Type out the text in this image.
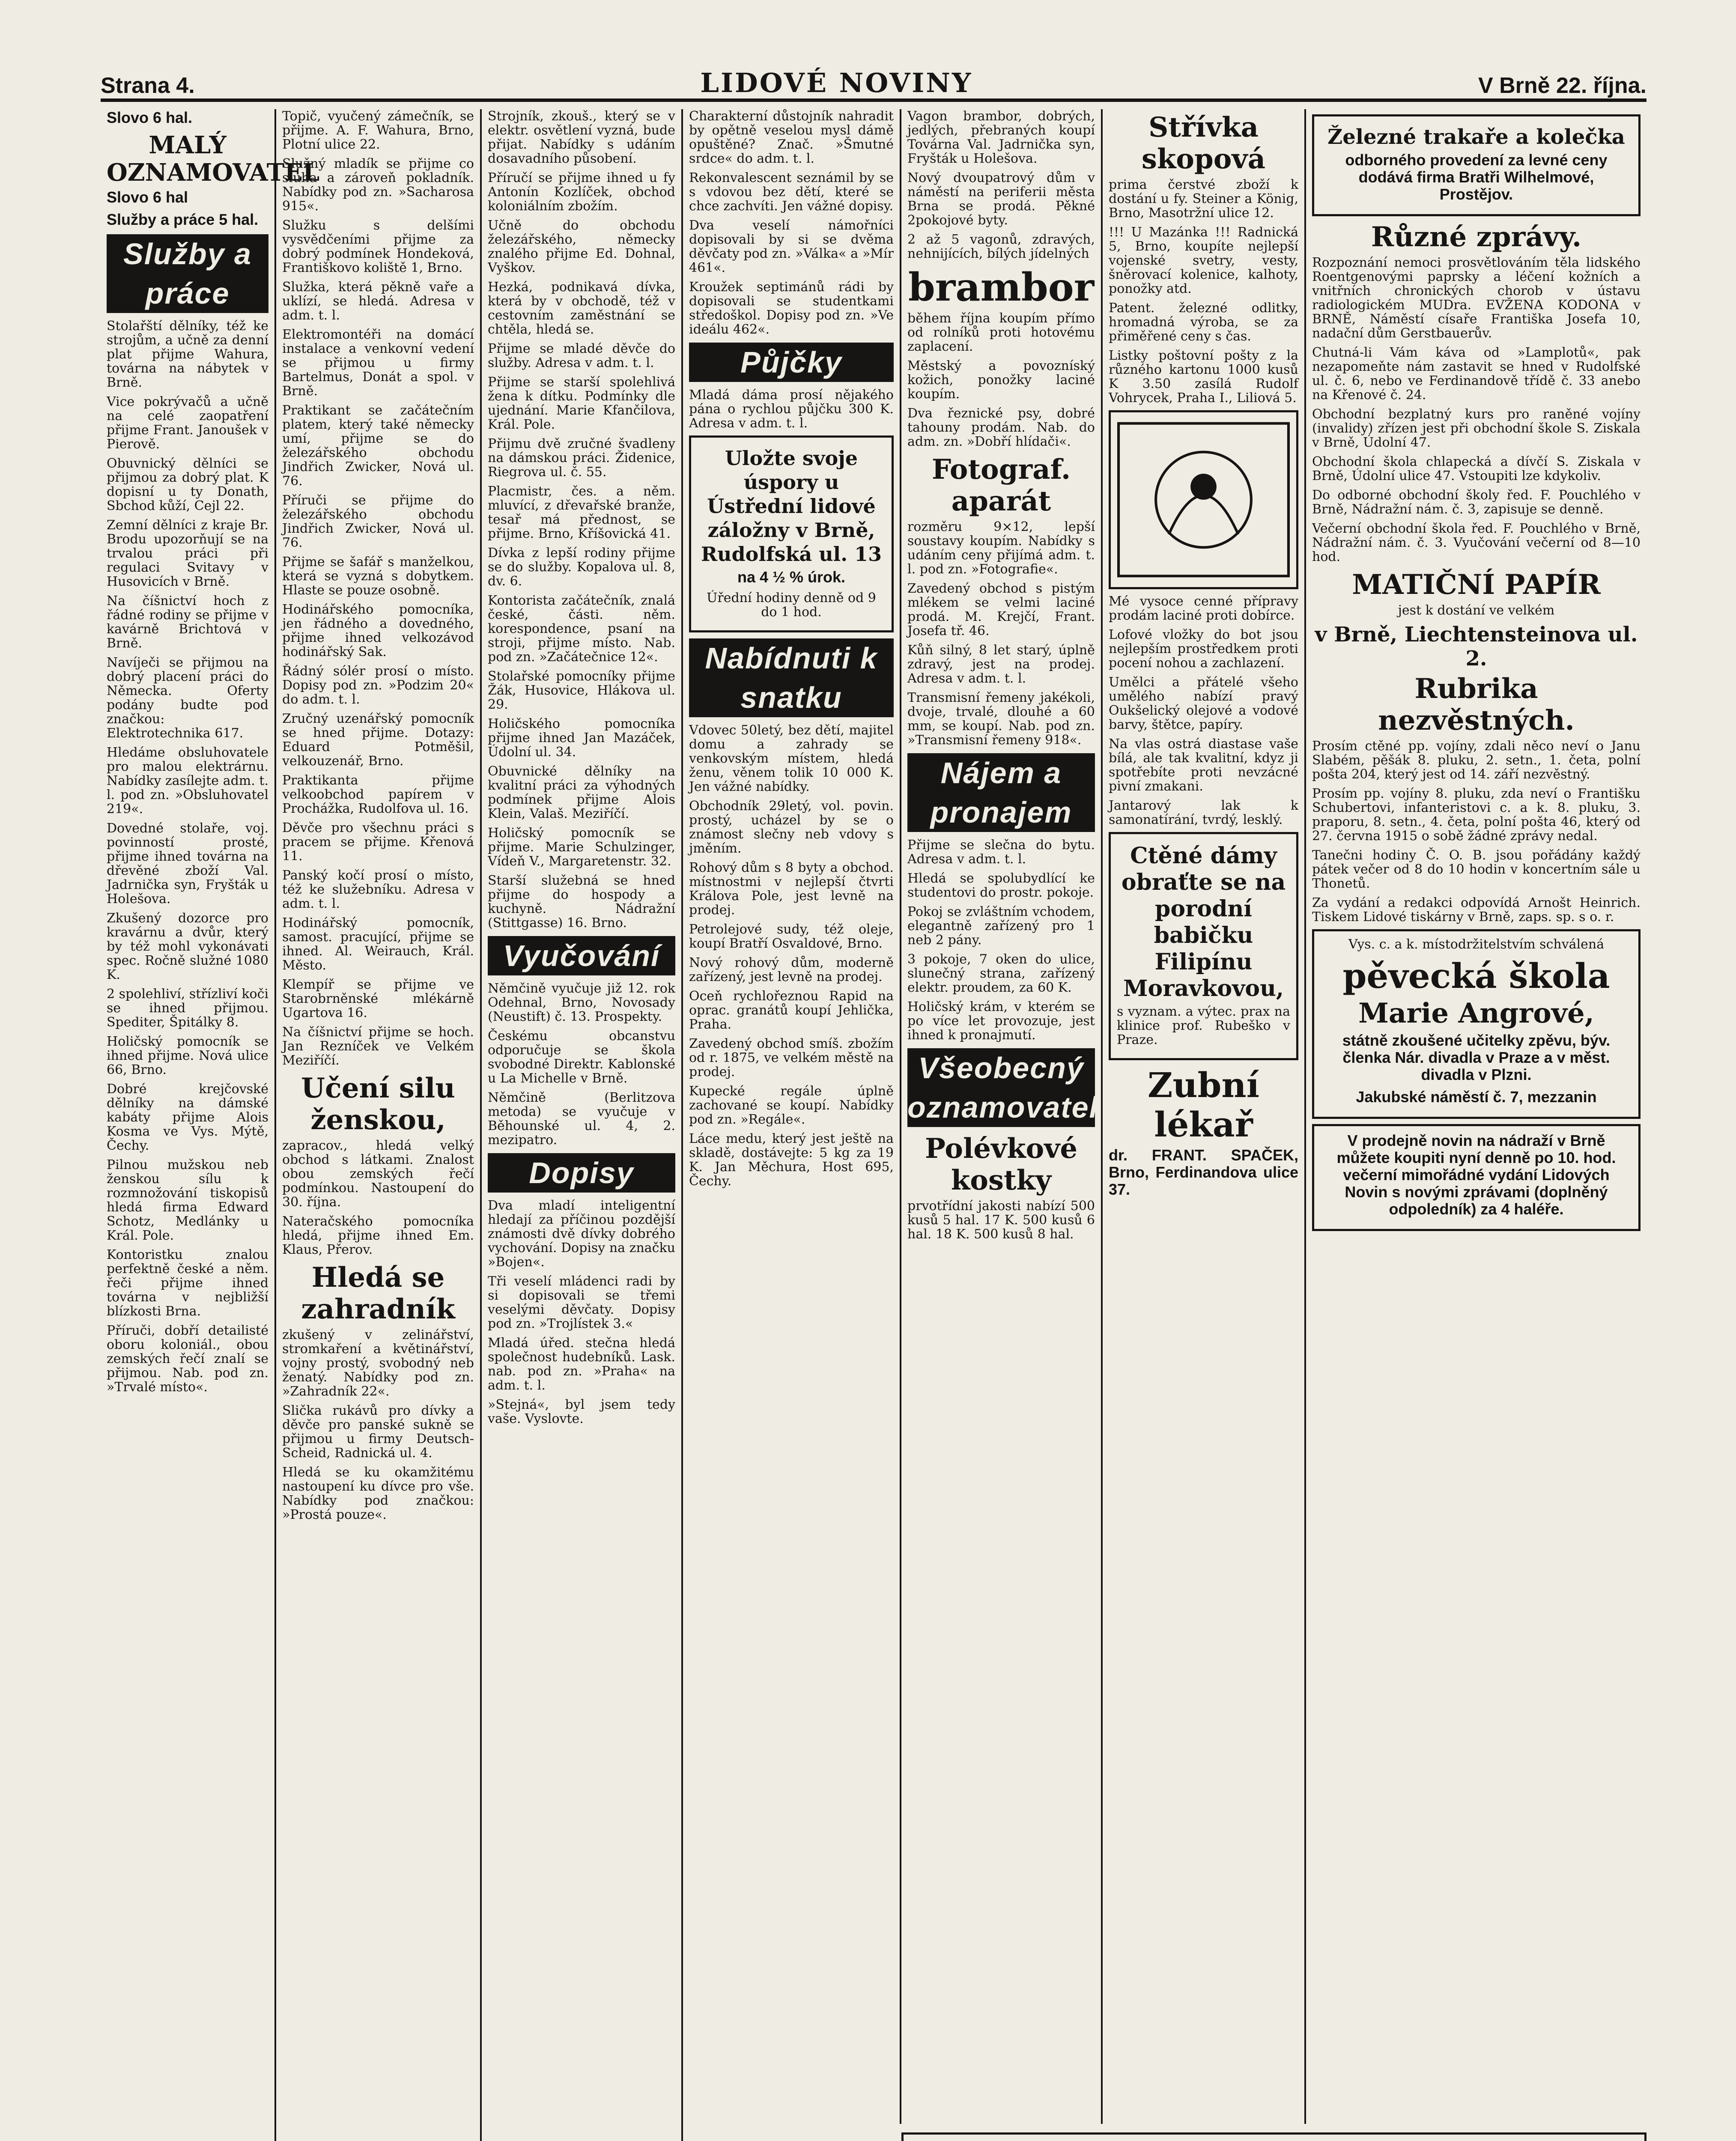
Strana 4.	LIDOVÉ NOVINY	V Brně 22. října.

Slovo 6 hal.

MALÝ OZNAMOVATEL

Slovo 6 hal

Služby a práce 5 hal.

Služby a práce

Stolařští dělníky, též ke strojům, a učně za denní plat přijme Wahura, továrna na nábytek v Brně.

Vice pokrývačů a učně na celé zaopatření přijme Frant. Janoušek v Pierově.

Obuvnický dělníci se přijmou za dobrý plat. K dopisní u ty Donath, Sbchod kůží, Cejl 22.

Zemní dělníci z kraje Br. Brodu upozorňují se na trvalou práci při regulaci Svitavy v Husovicích v Brně.

Na číšnictví hoch z řádné rodiny se přijme v kavárně Brichtová v Brně.

Navíječi se přijmou na dobrý placení práci do Německa. Oferty podány budte pod značkou: Elektrotechnika 617.

Hledáme obsluhovatele pro malou elektrárnu. Nabídky zasílejte adm. t. l. pod zn. »Obsluhovatel 219«.

Dovedné stolaře, voj. povinností prosté, přijme ihned továrna na dřevěné zboží Val. Jadrnička syn, Fryšták u Holešova.

Zkušený dozorce pro kravárnu a dvůr, který by též mohl vykonávati spec. Ročně služné 1080 K.

2 spolehliví, střízliví koči se ihned přijmou. Spediter, Špitálky 8.

Holičský pomocník se ihned přijme. Nová ulice 66, Brno.

Dobré krejčovské dělníky na dámské kabáty přijme Alois Kosma ve Vys. Mýtě, Čechy.

Pilnou mužskou neb ženskou sílu k rozmnožování tiskopisů hledá firma Edward Schotz, Medlánky u Král. Pole.

Kontoristku znalou perfektně české a něm. řeči přijme ihned továrna v nejbližší blízkosti Brna.

Příruči, dobří detailisté oboru koloniál., obou zemských řečí znalí se přijmou. Nab. pod zn. »Trvalé místo«.

Topič, vyučený zámečník, se přijme. A. F. Wahura, Brno, Plotní ulice 22.

Služný mladík se přijme co sluha a zároveň pokladník. Nabídky pod zn. »Sacharosa 915«.

Služku s delšími vysvědčeními přijme za dobrý podmínek Hondeková, Františkovo koliště 1, Brno.

Služka, která pěkně vaře a uklízí, se hledá. Adresa v adm. t. l.

Elektromontéři na domácí instalace a venkovní vedení se přijmou u firmy Bartelmus, Donát a spol. v Brně.

Praktikant se začátečním platem, který také německy umí, přijme se do železářského obchodu Jindřich Zwicker, Nová ul. 76.

Příruči se přijme do železářského obchodu Jindřich Zwicker, Nová ul. 76.

Přijme se šafář s manželkou, která se vyzná s dobytkem. Hlaste se pouze osobně.

Hodinářského pomocníka, jen řádného a dovedného, přijme ihned velkozávod hodinářský Sak.

Řádný sólér prosí o místo. Dopisy pod zn. »Podzim 20« do adm. t. l.

Zručný uzenářský pomocník se hned přijme. Dotazy: Eduard Potměšil, velkouzenář, Brno.

Praktikanta přijme velkoobchod papírem v Prochážka, Rudolfova ul. 16.

Děvče pro všechnu práci s pracem se přijme. Křenová 11.

Panský kočí prosí o místo, též ke služebníku. Adresa v adm. t. l.

Hodinářský pomocník, samost. pracující, přijme se ihned. Al. Weirauch, Král. Město.

Klempíř se přijme ve Starobrněnské mlékárně Ugartova 16.

Na číšnictví přijme se hoch. Jan Rezníček ve Velkém Meziříčí.

Učení silu ženskou,

zapracov., hledá velký obchod s látkami. Znalost obou zemských řečí podmínkou. Nastoupení do 30. října.

Nateračského pomocníka hledá, přijme ihned Em. Klaus, Přerov.

Hledá se zahradník

zkušený v zelinářství, stromkaření a květinářství, vojny prostý, svobodný neb ženatý. Nabídky pod zn. »Zahradník 22«.

Slička rukávů pro dívky a děvče pro panské sukně se přijmou u firmy Deutsch-Scheid, Radnická ul. 4.

Hledá se ku okamžitému nastoupení ku dívce pro vše. Nabídky pod značkou: »Prostá pouze«.

Strojník, zkouš., který se v elektr. osvětlení vyzná, bude přijat. Nabídky s udáním dosavadního působení.

Příručí se přijme ihned u fy Antonín Kozlíček, obchod koloniálním zbožím.

Učně do obchodu železářského, německy znalého přijme Ed. Dohnal, Vyškov.

Hezká, podnikavá dívka, která by v obchodě, též v cestovním zaměstnání se chtěla, hledá se.

Přijme se mladé děvče do služby. Adresa v adm. t. l.

Přijme se starší spolehlivá žena k dítku. Podmínky dle ujednání. Marie Kfančilova, Král. Pole.

Přijmu dvě zručné švadleny na dámskou práci. Židenice, Riegrova ul. č. 55.

Placmistr, čes. a něm. mluvící, z dřevařské branže, tesař má přednost, se přijme. Brno, Kříšovická 41.

Dívka z lepší rodiny přijme se do služby. Kopalova ul. 8, dv. 6.

Kontorista začátečník, znalá české, části. něm. korespondence, psaní na stroji, přijme místo. Nab. pod zn. »Začátečnice 12«.

Stolařské pomocníky přijme Žák, Husovice, Hlákova ul. 29.

Holičského pomocníka přijme ihned Jan Mazáček, Údolní ul. 34.

Obuvnické dělníky na kvalitní práci za výhodných podmínek přijme Alois Klein, Valaš. Meziříčí.

Holičský pomocník se přijme. Marie Schulzinger, Vídeň V., Margaretenstr. 32.

Starší služebná se hned přijme do hospody a kuchyně. Nádražní (Stittgasse) 16. Brno.

Vyučování

Němčině vyučuje již 12. rok Odehnal, Brno, Novosady (Neustift) č. 13. Prospekty.

Českému obcanstvu odporučuje se škola svobodné Direktr. Kablonské u La Michelle v Brně.

Němčině (Berlitzova metoda) se vyučuje v Běhounské ul. 4, 2. mezipatro.

Dopisy

Dva mladí inteligentní hledají za příčinou pozdější známosti dvě dívky dobrého vychování. Dopisy na značku »Bojen«.

Tři veselí mládenci radi by si dopisovali se třemi veselými děvčaty. Dopisy pod zn. »Trojlístek 3.«

Mladá úřed. stečna hledá společnost hudebníků. Lask. nab. pod zn. »Praha« na adm. t. l.

»Stejná«, byl jsem tedy vaše. Vyslovte.

Charakterní důstojník nahradit by opětně veselou mysl dámě opuštěné? Znač. »Šmutné srdce« do adm. t. l.

Rekonvalescent seznámil by se s vdovou bez dětí, které se chce zachvíti. Jen vážné dopisy.

Dva veselí námořníci dopisovali by si se dvěma děvčaty pod zn. »Válka« a »Mír 461«.

Kroužek septimánů rádi by dopisovali se studentkami středoškol. Dopisy pod zn. »Ve ideálu 462«.

Půjčky

Mladá dáma prosí nějakého pána o rychlou půjčku 300 K. Adresa v adm. t. l.

Uložte svoje úspory u Ústřední lidové záložny v Brně, Rudolfská ul. 13

na 4 ½ % úrok.

Úřední hodiny denně od 9 do 1 hod.

Nabídnuti k snatku

Vdovec 50letý, bez dětí, majitel domu a zahrady se venkovským místem, hledá ženu, věnem tolik 10 000 K. Jen vážné nabídky.

Obchodník 29letý, vol. povin. prostý, ucházel by se o známost slečny neb vdovy s jměním.

Rohový dům s 8 byty a obchod. místnostmi v nejlepší čtvrti Králova Pole, jest levně na prodej.

Petrolejové sudy, též oleje, koupí Bratří Osvaldové, Brno.

Nový rohový dům, moderně zařízený, jest levně na prodej.

Oceň rychlořeznou Rapid na oprac. granátů koupí Jehlička, Praha.

Zavedený obchod smíš. zbožím od r. 1875, ve velkém městě na prodej.

Kupecké regále úplně zachované se koupí. Nabídky pod zn. »Regále«.

Láce medu, který jest ještě na skladě, dostávejte: 5 kg za 19 K. Jan Měchura, Host 695, Čechy.

Vagon brambor, dobrých, jedlých, přebraných koupí Továrna Val. Jadrnička syn, Fryšták u Holešova.

Nový dvoupatrový dům v náměstí na periferii města Brna se prodá. Pěkné 2pokojové byty.

2 až 5 vagonů, zdravých, nehnijících, bílých jídelných

brambor

během října koupím přímo od rolníků proti hotovému zaplacení.

Městský a povozníský kožich, ponožky laciné koupím.

Dva řeznické psy, dobré tahouny prodám. Nab. do adm. zn. »Dobří hlídači«.

Fotograf. aparát

rozměru 9×12, lepší soustavy koupím. Nabídky s udáním ceny přijímá adm. t. l. pod zn. »Fotografie«.

Zavedený obchod s pistým mlékem se velmi laciné prodá. M. Krejčí, Frant. Josefa tř. 46.

Kůň silný, 8 let starý, úplně zdravý, jest na prodej. Adresa v adm. t. l.

Transmisní řemeny jakékoli, dvoje, trvalé, dlouhé a 60 mm, se koupí. Nab. pod zn. »Transmisní řemeny 918«.

Nájem a pronajem

Přijme se slečna do bytu. Adresa v adm. t. l.

Hledá se spolubydlící ke studentovi do prostr. pokoje.

Pokoj se zvláštním vchodem, elegantně zařízený pro 1 neb 2 pány.

3 pokoje, 7 oken do ulice, slunečný strana, zařízený elektr. proudem, za 60 K.

Holičský krám, v kterém se po více let provozuje, jest ihned k pronajmutí.

Všeobecný oznamovatel
Polévkové kostky

prvotřídní jakosti nabízí 500 kusů 5 hal. 17 K. 500 kusů 6 hal. 18 K. 500 kusů 8 hal.

Střívka skopová

prima čerstvé zboží k dostání u fy. Steiner a König, Brno, Masotržní ulice 12.

!!! U Mazánka !!! Radnická 5, Brno, koupíte nejlepší vojenské svetry, vesty, šněrovací kolenice, kalhoty, ponožky atd.

Patent. železné odlitky, hromadná výroba, se za přiměřené ceny s čas.

Listky poštovní pošty z la různého kartonu 1000 kusů K 3.50 zasílá Rudolf Vohrycek, Praha I., Liliová 5.

Mé vysoce cenné přípravy prodám laciné proti dobírce.

Lofové vložky do bot jsou nejlepším prostředkem proti pocení nohou a zachlazení.

Umělci a přátelé všeho umělého nabízí pravý Oukšelický olejové a vodové barvy, štětce, papíry.

Na vlas ostrá diastase vaše bílá, ale tak kvalitní, kdyz ji spotřebíte proti nevzácné pivní zmakani.

Jantarový lak k samonatírání, tvrdý, lesklý.

Ctěné dámy obraťte se na porodní babičku Filipínu Moravkovou,

s vyznam. a výtec. prax na klinice prof. Rubeško v Praze.

Zubní lékař

dr. FRANT. SPAČEK, Brno, Ferdinandova ulice 37.

Železné trakaře a kolečka

odborného provedení za levné ceny dodává firma Bratři Wilhelmové, Prostějov.

Různé zprávy.

Rozpoznání nemoci prosvětlováním těla lidského Roentgenovými paprsky a léčení kožních a vnitřních chronických chorob v ústavu radiologickém MUDra. EVŽENA KODONA v BRNĚ, Náměstí císaře Františka Josefa 10, nadační dům Gerstbauerův.

Chutná-li Vám káva od »Lamplotů«, pak nezapomeňte nám zastavit se hned v Rudolfské ul. č. 6, nebo ve Ferdinandově třídě č. 33 anebo na Křenové č. 24.

Obchodní bezplatný kurs pro raněné vojíny (invalidy) zřízen jest při obchodní škole S. Ziskala v Brně, Údolní 47.

Obchodní škola chlapecká a dívčí S. Ziskala v Brně, Údolní ulice 47. Vstoupiti lze kdykoliv.

Do odborné obchodní školy řed. F. Pouchlého v Brně, Nádražní nám. č. 3, zapisuje se denně.

Večerní obchodní škola řed. F. Pouchlého v Brně, Nádražní nám. č. 3. Vyučování večerní od 8—10 hod.

MATIČNÍ PAPÍR

jest k dostání ve velkém

v Brně, Liechtensteinova ul. 2.
Rubrika nezvěstných.

Prosím ctěné pp. vojíny, zdali něco neví o Janu Slabém, pěšák 8. pluku, 2. setn., 1. četa, polní pošta 204, který jest od 14. září nezvěstný.

Prosím pp. vojíny 8. pluku, zda neví o Františku Schubertovi, infanteristovi c. a k. 8. pluku, 3. praporu, 8. setn., 4. četa, polní pošta 46, který od 27. června 1915 o sobě žádné zprávy nedal.

Tanečni hodiny Č. O. B. jsou pořádány každý pátek večer od 8 do 10 hodin v koncertním sále u Thonetů.

Za vydání a redakci odpovídá Arnošt Heinrich. Tiskem Lidové tiskárny v Brně, zaps. sp. s o. r.

Vys. c. a k. místodržitelstvím schválená

pěvecká škola
Marie Angrové,

státně zkoušené učitelky zpěvu, býv. členka Nár. divadla v Praze a v měst. divadla v Plzni.

Jakubské náměstí č. 7, mezzanin

V prodejně novin na nádraží v Brně můžete koupiti nyní denně po 10. hod. večerní mimořádné vydání Lidových Novin s novými zprávami (doplněný odpoledník) za 4 haléře.
